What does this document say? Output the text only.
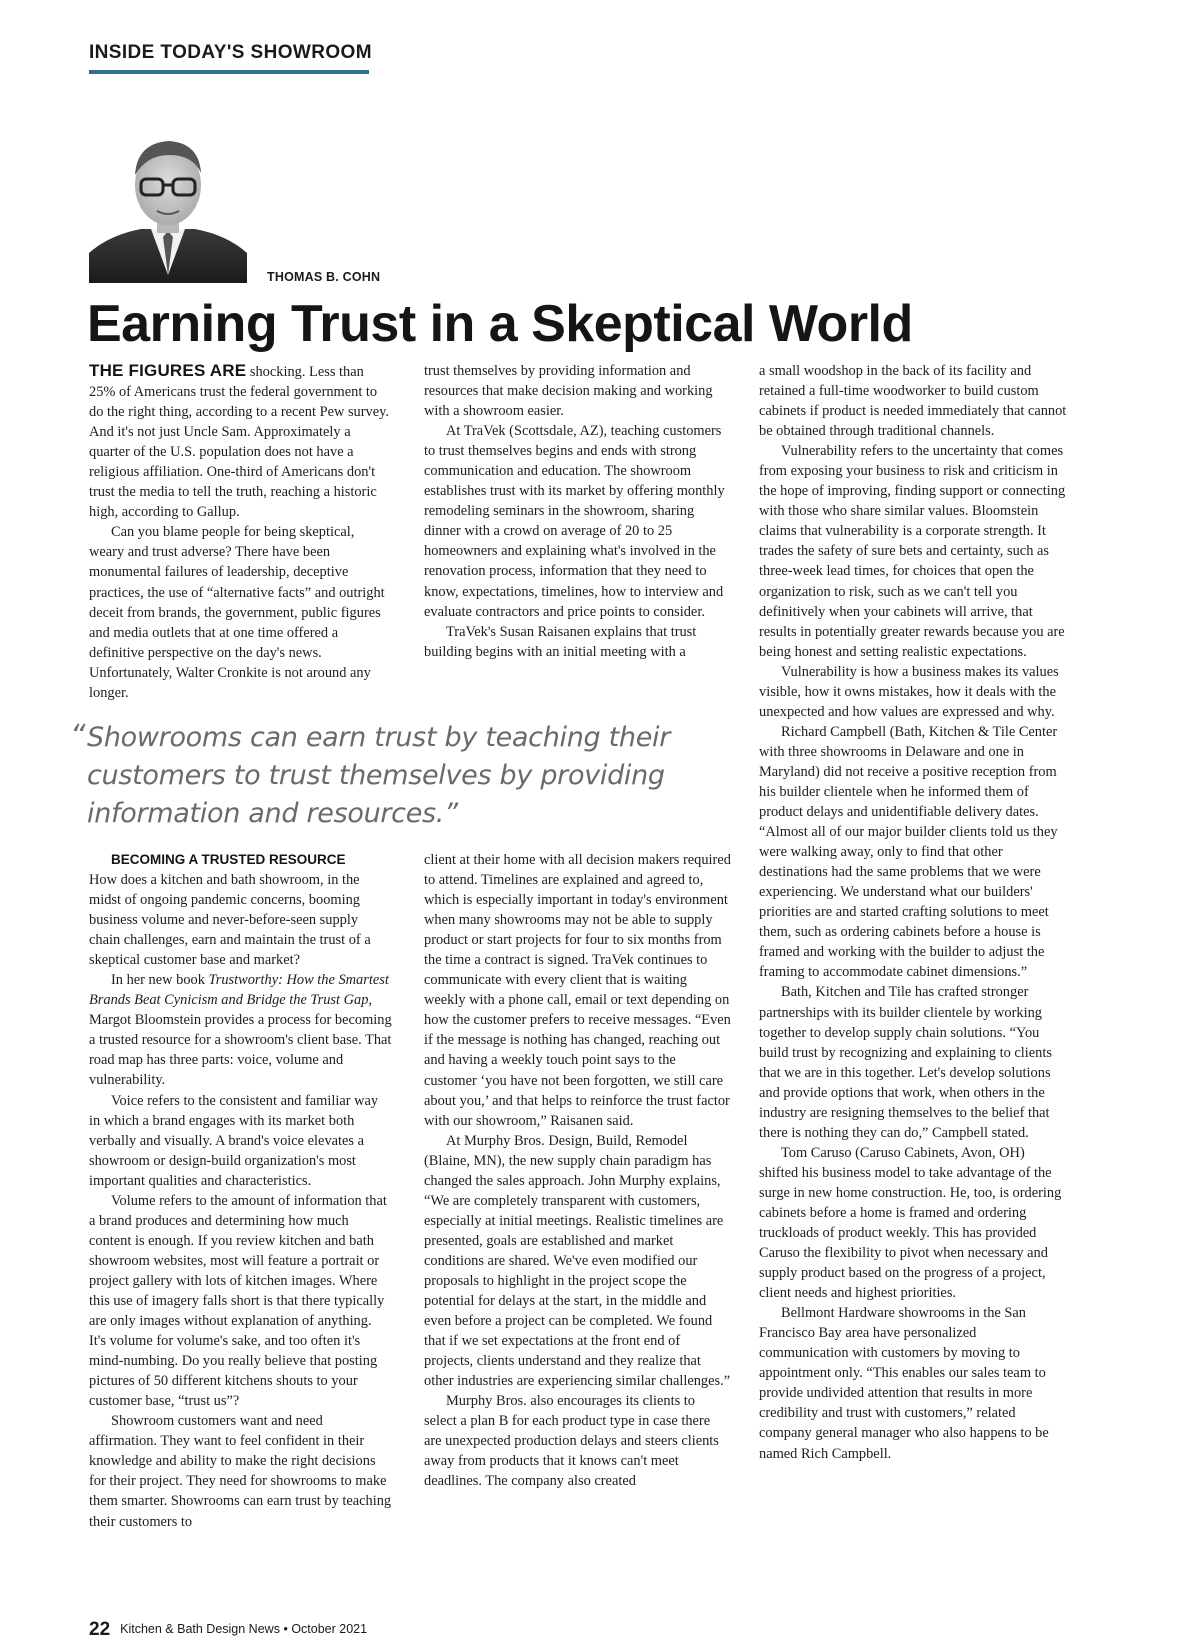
INSIDE TODAY'S SHOWROOM
THOMAS B. COHN
Earning Trust in a Skeptical World

THE FIGURES ARE shocking. Less than 25% of Americans trust the federal government to do the right thing, according to a recent Pew survey. And it's not just Uncle Sam. Approximately a quarter of the U.S. population does not have a religious affiliation. One-third of Americans don't trust the media to tell the truth, reaching a historic high, according to Gallup.

Can you blame people for being skeptical, weary and trust adverse? There have been monumental failures of leadership, deceptive practices, the use of “alternative facts” and outright deceit from brands, the government, public figures and media outlets that at one time offered a definitive perspective on the day's news. Unfortunately, Walter Cronkite is not around any longer.

trust themselves by providing information and resources that make decision making and working with a showroom easier.

At TraVek (Scottsdale, AZ), teaching customers to trust themselves begins and ends with strong communication and education. The showroom establishes trust with its market by offering monthly remodeling seminars in the showroom, sharing dinner with a crowd on average of 20 to 25 homeowners and explaining what's involved in the renovation process, information that they need to know, expectations, timelines, how to interview and evaluate contractors and price points to consider.

TraVek's Susan Raisanen explains that trust building begins with an initial meeting with a

“ Showrooms can earn trust by teaching their customers to trust themselves by providing information and resources.”

BECOMING A TRUSTED RESOURCE

How does a kitchen and bath showroom, in the midst of ongoing pandemic concerns, booming business volume and never-before-seen supply chain challenges, earn and maintain the trust of a skeptical customer base and market?

In her new book Trustworthy: How the Smartest Brands Beat Cynicism and Bridge the Trust Gap, Margot Bloomstein provides a process for becoming a trusted resource for a showroom's client base. That road map has three parts: voice, volume and vulnerability.

Voice refers to the consistent and familiar way in which a brand engages with its market both verbally and visually. A brand's voice elevates a showroom or design-build organization's most important qualities and characteristics.

Volume refers to the amount of information that a brand produces and determining how much content is enough. If you review kitchen and bath showroom websites, most will feature a portrait or project gallery with lots of kitchen images. Where this use of imagery falls short is that there typically are only images without explanation of anything. It's volume for volume's sake, and too often it's mind-numbing. Do you really believe that posting pictures of 50 different kitchens shouts to your customer base, “trust us”?

Showroom customers want and need affirmation. They want to feel confident in their knowledge and ability to make the right decisions for their project. They need for showrooms to make them smarter. Showrooms can earn trust by teaching their customers to

client at their home with all decision makers required to attend. Timelines are explained and agreed to, which is especially important in today's environment when many showrooms may not be able to supply product or start projects for four to six months from the time a contract is signed. TraVek continues to communicate with every client that is waiting weekly with a phone call, email or text depending on how the customer prefers to receive messages. “Even if the message is nothing has changed, reaching out and having a weekly touch point says to the customer ‘you have not been forgotten, we still care about you,’ and that helps to reinforce the trust factor with our showroom,” Raisanen said.

At Murphy Bros. Design, Build, Remodel (Blaine, MN), the new supply chain paradigm has changed the sales approach. John Murphy explains, “We are completely transparent with customers, especially at initial meetings. Realistic timelines are presented, goals are established and market conditions are shared. We've even modified our proposals to highlight in the project scope the potential for delays at the start, in the middle and even before a project can be completed. We found that if we set expectations at the front end of projects, clients understand and they realize that other industries are experiencing similar challenges.”

Murphy Bros. also encourages its clients to select a plan B for each product type in case there are unexpected production delays and steers clients away from products that it knows can't meet deadlines. The company also created

a small woodshop in the back of its facility and retained a full-time woodworker to build custom cabinets if product is needed immediately that cannot be obtained through traditional channels.

Vulnerability refers to the uncertainty that comes from exposing your business to risk and criticism in the hope of improving, finding support or connecting with those who share similar values. Bloomstein claims that vulnerability is a corporate strength. It trades the safety of sure bets and certainty, such as three-week lead times, for choices that open the organization to risk, such as we can't tell you definitively when your cabinets will arrive, that results in potentially greater rewards because you are being honest and setting realistic expectations.

Vulnerability is how a business makes its values visible, how it owns mistakes, how it deals with the unexpected and how values are expressed and why.

Richard Campbell (Bath, Kitchen & Tile Center with three showrooms in Delaware and one in Maryland) did not receive a positive reception from his builder clientele when he informed them of product delays and unidentifiable delivery dates. “Almost all of our major builder clients told us they were walking away, only to find that other destinations had the same problems that we were experiencing. We understand what our builders' priorities are and started crafting solutions to meet them, such as ordering cabinets before a house is framed and working with the builder to adjust the framing to accommodate cabinet dimensions.”

Bath, Kitchen and Tile has crafted stronger partnerships with its builder clientele by working together to develop supply chain solutions. “You build trust by recognizing and explaining to clients that we are in this together. Let's develop solutions and provide options that work, when others in the industry are resigning themselves to the belief that there is nothing they can do,” Campbell stated.

Tom Caruso (Caruso Cabinets, Avon, OH) shifted his business model to take advantage of the surge in new home construction. He, too, is ordering cabinets before a home is framed and ordering truckloads of product weekly. This has provided Caruso the flexibility to pivot when necessary and supply product based on the progress of a project, client needs and highest priorities.

Bellmont Hardware showrooms in the San Francisco Bay area have personalized communication with customers by moving to appointment only. “This enables our sales team to provide undivided attention that results in more credibility and trust with customers,” related company general manager who also happens to be named Rich Campbell.

22 Kitchen & Bath Design News • October 2021
